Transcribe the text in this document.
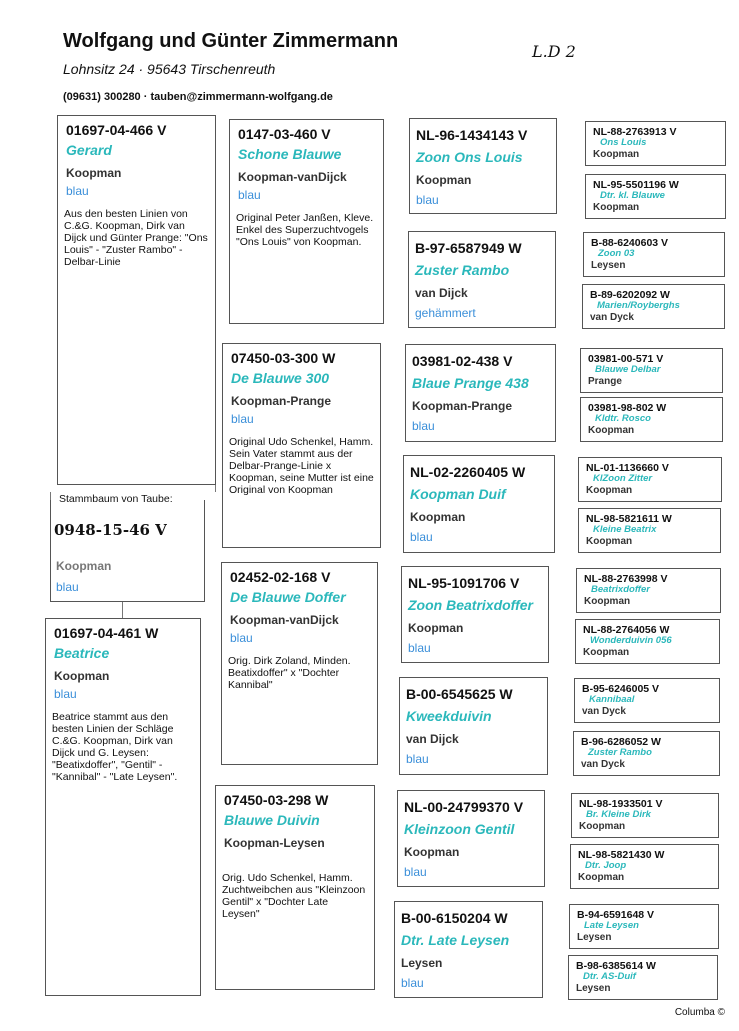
Wolfgang und Günter Zimmermann
Lohnsitz 24 · 95643 Tirschenreuth
(09631) 300280 · tauben@zimmermann-wolfgang.de
L.D 2
Stammbaum von Taube:
0948-15-46 V
Koopman
blau
01697-04-466 V
Gerard
Koopman
blau
Aus den besten Linien von C.&G. Koopman, Dirk van Dijck und Günter Prange: "Ons Louis" - "Zuster Rambo" - Delbar-Linie
01697-04-461 W
Beatrice
Koopman
blau
Beatrice stammt aus den besten Linien der Schläge C.&G. Koopman, Dirk van Dijck und G. Leysen: "Beatixdoffer", "Gentil" - "Kannibal" - "Late Leysen".
0147-03-460 V
Schone Blauwe
Koopman-vanDijck
blau
Original Peter Janßen, Kleve. Enkel des Superzuchtvogels "Ons Louis" von Koopman.
07450-03-300 W
De Blauwe 300
Koopman-Prange
blau
Original Udo Schenkel, Hamm. Sein Vater stammt aus der Delbar-Prange-Linie x Koopman, seine Mutter ist eine Original von Koopman
02452-02-168 V
De Blauwe Doffer
Koopman-vanDijck
blau
Orig. Dirk Zoland, Minden. Beatixdoffer" x "Dochter Kannibal"
07450-03-298 W
Blauwe Duivin
Koopman-Leysen
Orig. Udo Schenkel, Hamm. Zuchtweibchen aus "Kleinzoon Gentil" x "Dochter Late Leysen"
NL-96-1434143 V
Zoon Ons Louis
Koopman
blau
B-97-6587949 W
Zuster Rambo
van Dijck
gehämmert
03981-02-438 V
Blaue Prange 438
Koopman-Prange
blau
NL-02-2260405 W
Koopman Duif
Koopman
blau
NL-95-1091706 V
Zoon Beatrixdoffer
Koopman
blau
B-00-6545625 W
Kweekduivin
van Dijck
blau
NL-00-24799370 V
Kleinzoon Gentil
Koopman
blau
B-00-6150204 W
Dtr. Late Leysen
Leysen
blau
NL-88-2763913 V
Ons Louis
Koopman
NL-95-5501196 W
Dtr. kl. Blauwe
Koopman
B-88-6240603 V
Zoon 03
Leysen
B-89-6202092 W
Marien/Royberghs
van Dyck
03981-00-571 V
Blauwe Delbar
Prange
03981-98-802 W
Kldtr. Rosco
Koopman
NL-01-1136660 V
KlZoon Zitter
Koopman
NL-98-5821611 W
Kleine Beatrix
Koopman
NL-88-2763998 V
Beatrixdoffer
Koopman
NL-88-2764056 W
Wonderduivin 056
Koopman
B-95-6246005 V
Kannibaal
van Dyck
B-96-6286052 W
Zuster Rambo
van Dyck
NL-98-1933501 V
Br. Kleine Dirk
Koopman
NL-98-5821430 W
Dtr. Joop
Koopman
B-94-6591648 V
Late Leysen
Leysen
B-98-6385614 W
Dtr. AS-Duif
Leysen
Columba ©
